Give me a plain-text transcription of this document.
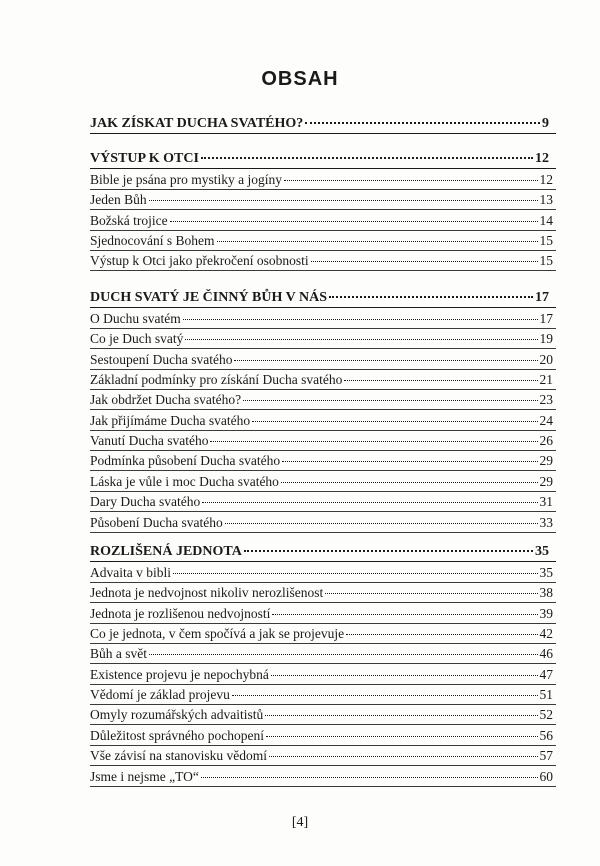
OBSAH
JAK ZÍSKAT DUCHA SVATÉHO?	9
VÝSTUP K OTCI	12
Bible je psána pro mystiky a jogíny	12
Jeden Bůh	13
Božská trojice	14
Sjednocování s Bohem	15
Výstup k Otci jako překročení osobnosti	15
DUCH SVATÝ JE ČINNÝ BŮH V NÁS	17
O Duchu svatém	17
Co je Duch svatý	19
Sestoupení Ducha svatého	20
Základní podmínky pro získání Ducha svatého	21
Jak obdržet Ducha svatého?	23
Jak přijímáme Ducha svatého	24
Vanutí Ducha svatého	26
Podmínka působení Ducha svatého	29
Láska je vůle i moc Ducha svatého	29
Dary Ducha svatého	31
Působení Ducha svatého	33
ROZLIŠENÁ JEDNOTA	35
Advaita v bibli	35
Jednota je nedvojnost nikoliv nerozlišenost	38
Jednota je rozlišenou nedvojností	39
Co je jednota, v čem spočívá a jak se projevuje	42
Bůh a svět	46
Existence projevu je nepochybná	47
Vědomí je základ projevu	51
Omyly rozumářských advaitistů	52
Důležitost správného pochopení	56
Vše závisí na stanovisku vědomí	57
Jsme i nejsme „TO“	60
[4]
